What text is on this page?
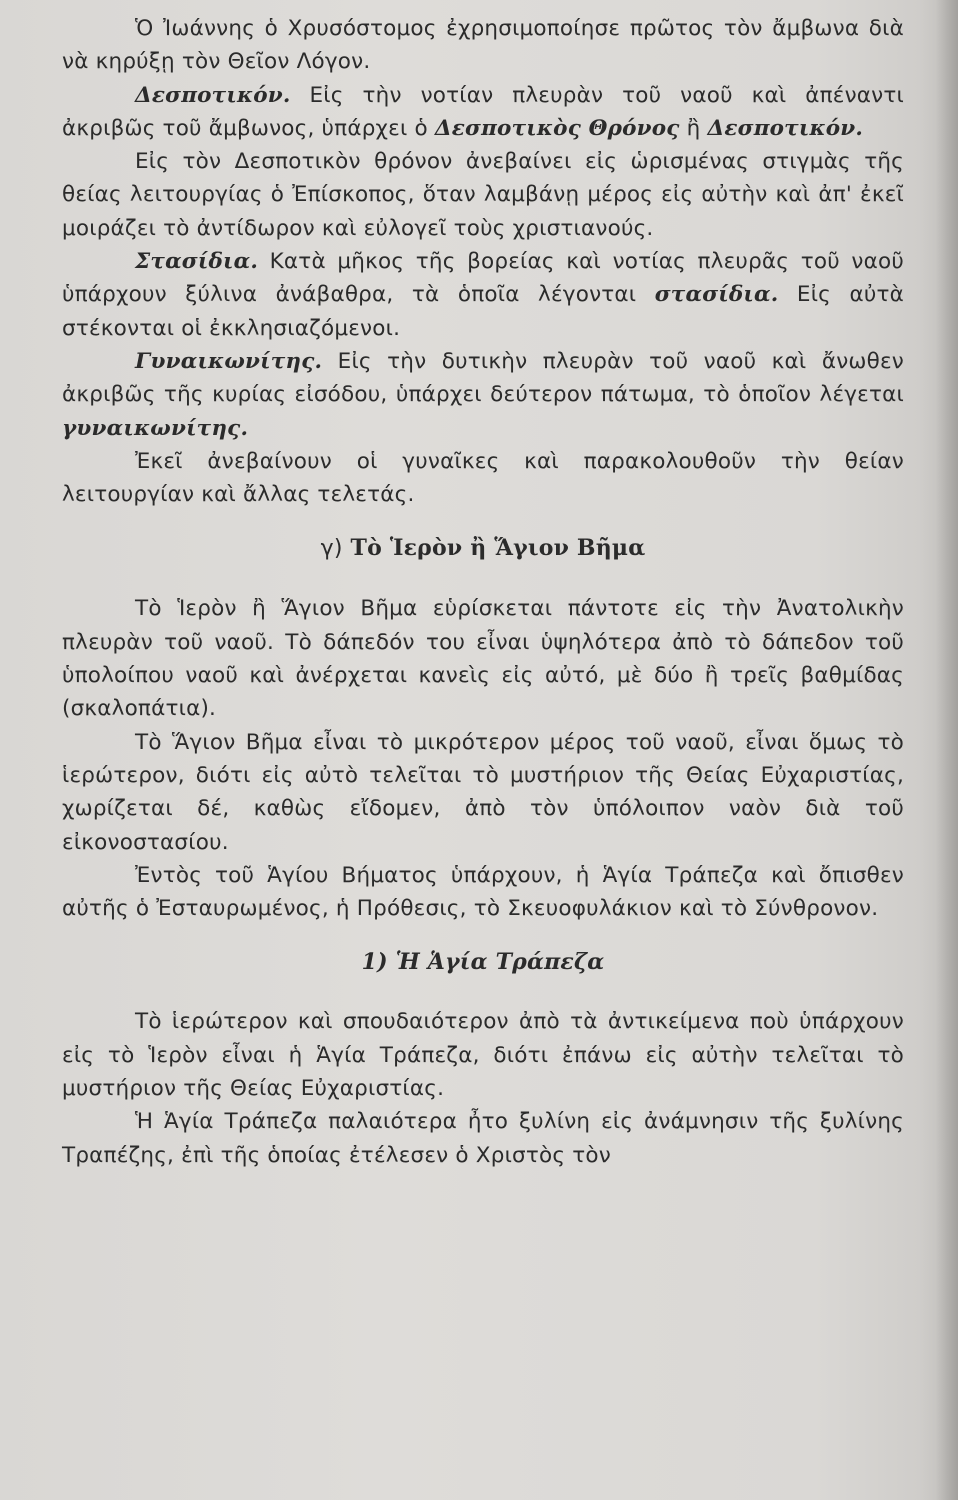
Ὁ Ἰωάννης ὁ Χρυσόστομος ἐχρησιμοποίησε πρῶτος τὸν ἄμβωνα διὰ νὰ κηρύξῃ τὸν Θεῖον Λόγον.

Δεσποτικόν. Εἰς τὴν νοτίαν πλευρὰν τοῦ ναοῦ καὶ ἀπέναντι ἀκριβῶς τοῦ ἄμβωνος, ὑπάρχει ὁ Δεσποτικὸς Θρόνος ἢ Δεσποτικόν.

Εἰς τὸν Δεσποτικὸν θρόνον ἀνεβαίνει εἰς ὡρισμένας στιγμὰς τῆς θείας λειτουργίας ὁ Ἐπίσκοπος, ὅταν λαμβάνῃ μέρος εἰς αὐτὴν καὶ ἀπ' ἐκεῖ μοιράζει τὸ ἀντίδωρον καὶ εὐλογεῖ τοὺς χριστιανούς.

Στασίδια. Κατὰ μῆκος τῆς βορείας καὶ νοτίας πλευρᾶς τοῦ ναοῦ ὑπάρχουν ξύλινα ἀνάβαθρα, τὰ ὁποῖα λέγονται στασίδια. Εἰς αὐτὰ στέκονται οἱ ἐκκλησιαζόμενοι.

Γυναικωνίτης. Εἰς τὴν δυτικὴν πλευρὰν τοῦ ναοῦ καὶ ἄνωθεν ἀκριβῶς τῆς κυρίας εἰσόδου, ὑπάρχει δεύτερον πάτωμα, τὸ ὁποῖον λέγεται γυναικωνίτης.

Ἐκεῖ ἀνεβαίνουν οἱ γυναῖκες καὶ παρακολουθοῦν τὴν θείαν λειτουργίαν καὶ ἄλλας τελετάς.

γ) Τὸ Ἱερὸν ἢ Ἅγιον Βῆμα

Τὸ Ἱερὸν ἢ Ἅγιον Βῆμα εὑρίσκεται πάντοτε εἰς τὴν Ἀνατολικὴν πλευρὰν τοῦ ναοῦ. Τὸ δάπεδόν του εἶναι ὑψηλότερα ἀπὸ τὸ δάπεδον τοῦ ὑπολοίπου ναοῦ καὶ ἀνέρχεται κανεὶς εἰς αὐτό, μὲ δύο ἢ τρεῖς βαθμίδας (σκαλοπάτια).

Τὸ Ἅγιον Βῆμα εἶναι τὸ μικρότερον μέρος τοῦ ναοῦ, εἶναι ὅμως τὸ ἱερώτερον, διότι εἰς αὐτὸ τελεῖται τὸ μυστήριον τῆς Θείας Εὐχαριστίας, χωρίζεται δέ, καθὼς εἴδομεν, ἀπὸ τὸν ὑπόλοιπον ναὸν διὰ τοῦ εἰκονοστασίου.

Ἐντὸς τοῦ Ἁγίου Βήματος ὑπάρχουν, ἡ Ἁγία Τράπεζα καὶ ὄπισθεν αὐτῆς ὁ Ἐσταυρωμένος, ἡ Πρόθεσις, τὸ Σκευοφυλάκιον καὶ τὸ Σύνθρονον.

1) Ἡ Ἁγία Τράπεζα

Τὸ ἱερώτερον καὶ σπουδαιότερον ἀπὸ τὰ ἀντικείμενα ποὺ ὑπάρχουν εἰς τὸ Ἱερὸν εἶναι ἡ Ἁγία Τράπεζα, διότι ἐπάνω εἰς αὐτὴν τελεῖται τὸ μυστήριον τῆς Θείας Εὐχαριστίας.

Ἡ Ἁγία Τράπεζα παλαιότερα ἦτο ξυλίνη εἰς ἀνάμνησιν τῆς ξυλίνης Τραπέζης, ἐπὶ τῆς ὁποίας ἐτέλεσεν ὁ Χριστὸς τὸν
